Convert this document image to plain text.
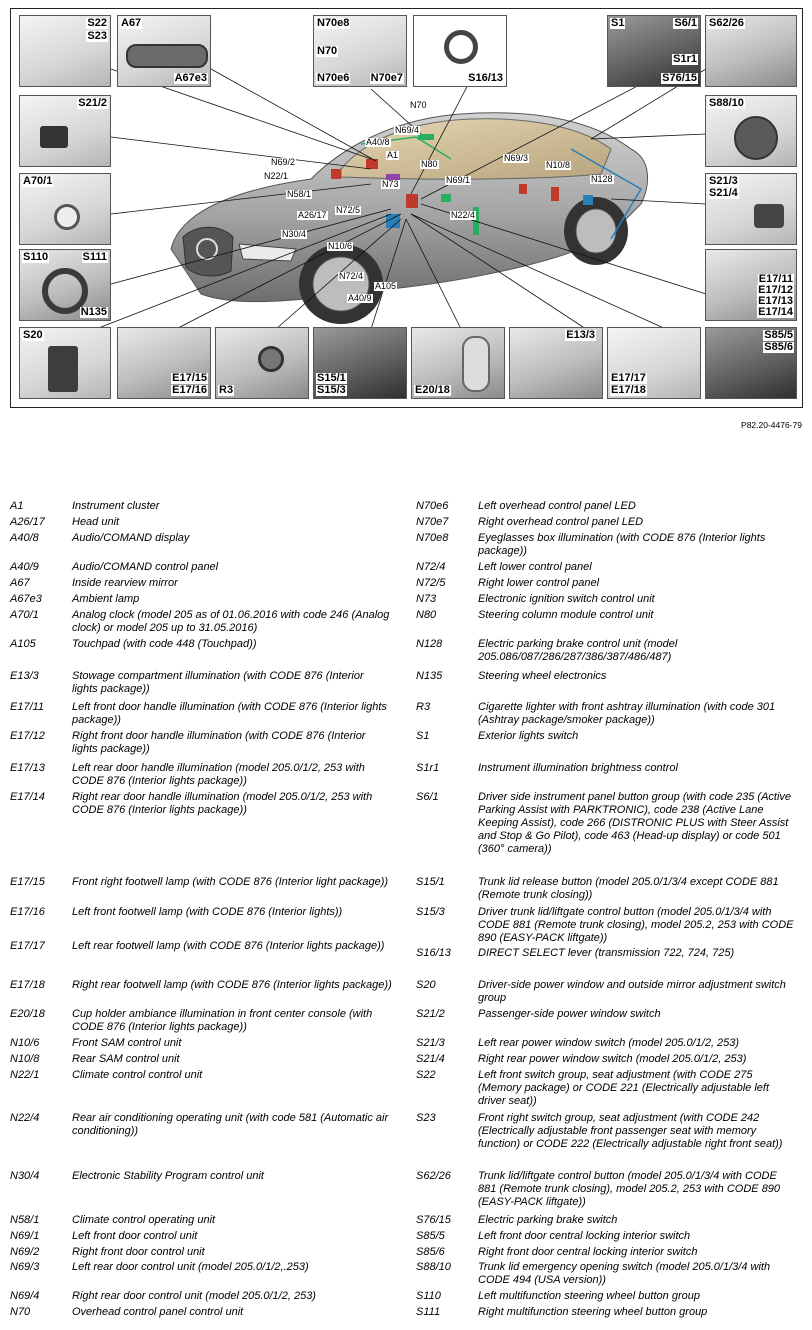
S22
S23
A67
A67e3
N70e8
N70
N70e6 N70e7	S16/13
S1	S6/1
S1r1
S76/15
S62/26
S21/2
A70/1
S110	S111
N135
S88/10
S21/3
S21/4
E17/11
E17/12
E17/13
E17/14
S20
E17/15
E17/16 R3
S15/1
S15/3	E20/18
E13/3
E17/17
E17/18
S85/5
S85/6
N70
N69/4
A40/8
A1
N69/2
N22/1
N58/1
N73
N80
N69/3
N10/8
N69/1	N128
N72/5
A26/17	N22/4
N30/4
N10/6
N72/4
A105
A40/9
P82.20-4476-79
A1	Instrument cluster
A26/17	Head unit
A40/8	Audio/COMAND display
A40/9	Audio/COMAND control panel
A67	Inside rearview mirror
A67e3	Ambient lamp
A70/1	Analog clock (model 205 as of 01.06.2016 with code 246 (Analog clock) or model 205 up to 31.05.2016)
A105	Touchpad (with code 448 (Touchpad))
E13/3	Stowage compartment illumination (with CODE 876 (Interior lights package))
E17/11	Left front door handle illumination (with CODE 876 (Interior lights package))
E17/12	Right front door handle illumination (with CODE 876 (Interior lights package))
E17/13	Left rear door handle illumination (model 205.0/1/2, 253 with CODE 876 (Interior lights package))
E17/14	Right rear door handle illumination (model 205.0/1/2, 253 with CODE 876 (Interior lights package))
E17/15	Front right footwell lamp (with CODE 876 (Interior light package))
E17/16	Left front footwell lamp (with CODE 876 (Interior lights))
E17/17	Left rear footwell lamp (with CODE 876 (Interior lights package))
E17/18	Right rear footwell lamp (with CODE 876 (Interior lights package))
E20/18	Cup holder ambiance illumination in front center console (with CODE 876 (Interior lights package))
N10/6	Front SAM control unit
N10/8	Rear SAM control unit
N22/1	Climate control control unit
N22/4	Rear air conditioning operating unit (with code 581 (Automatic air conditioning))
N30/4	Electronic Stability Program control unit
N58/1	Climate control operating unit
N69/1	Left front door control unit
N69/2	Right front door control unit
N69/3	Left rear door control unit (model 205.0/1/2,.253)
N69/4	Right rear door control unit (model 205.0/1/2, 253)
N70	Overhead control panel control unit
N70e6	Left overhead control panel LED
N70e7	Right overhead control panel LED
N70e8	Eyeglasses box illumination (with CODE 876 (Interior lights package))
N72/4	Left lower control panel
N72/5	Right lower control panel
N73	Electronic ignition switch control unit
N80	Steering column module control unit
N128	Electric parking brake control unit (model 205.086/087/286/287/386/387/486/487)
N135	Steering wheel electronics
R3	Cigarette lighter with front ashtray illumination (with code 301 (Ashtray package/smoker package))
S1	Exterior lights switch
S1r1	Instrument illumination brightness control
S6/1	Driver side instrument panel button group (with code 235 (Active Parking Assist with PARKTRONIC), code 238 (Active Lane Keeping Assist), code 266 (DISTRONIC PLUS with Steer Assist and Stop & Go Pilot), code 463 (Head-up display) or code 501 (360° camera))
S15/1	Trunk lid release button (model 205.0/1/3/4 except CODE 881 (Remote trunk closing))
S15/3	Driver trunk lid/liftgate control button (model 205.0/1/3/4 with CODE 881 (Remote trunk closing), model 205.2, 253 with CODE 890 (EASY-PACK liftgate))
S16/13	DIRECT SELECT lever (transmission 722, 724, 725)
S20	Driver-side power window and outside mirror adjustment switch group
S21/2	Passenger-side power window switch
S21/3	Left rear power window switch (model 205.0/1/2, 253)
S21/4	Right rear power window switch (model 205.0/1/2, 253)
S22	Left front switch group, seat adjustment (with CODE 275 (Memory package) or CODE 221 (Electrically adjustable left driver seat))
S23	Front right switch group, seat adjustment (with CODE 242 (Electrically adjustable front passenger seat with memory function) or CODE 222 (Electrically adjustable right front seat))
S62/26	Trunk lid/liftgate control button (model 205.0/1/3/4 with CODE 881 (Remote trunk closing), model 205.2, 253 with CODE 890 (EASY-PACK liftgate))
S76/15	Electric parking brake switch
S85/5	Left front door central locking interior switch
S85/6	Right front door central locking interior switch
S88/10	Trunk lid emergency opening switch (model 205.0/1/3/4 with CODE 494 (USA version))
S110	Left multifunction steering wheel button group
S111	Right multifunction steering wheel button group
